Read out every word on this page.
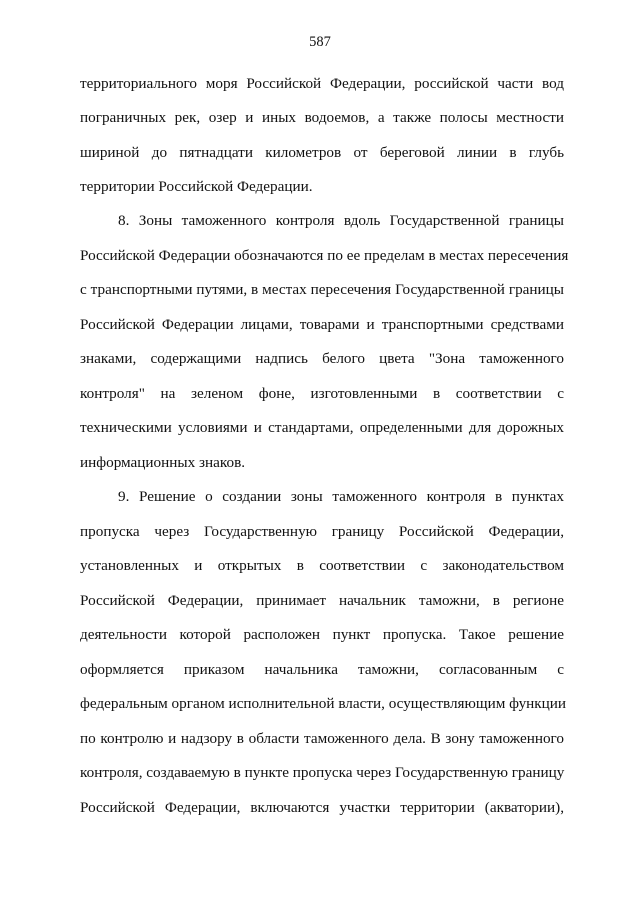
587
территориального моря Российской Федерации, российской части вод
пограничных рек, озер и иных водоемов, а также полосы местности
шириной до пятнадцати километров от береговой линии в глубь
территории Российской Федерации.
8. Зоны таможенного контроля вдоль Государственной границы
Российской Федерации обозначаются по ее пределам в местах пересечения
с транспортными путями, в местах пересечения Государственной границы
Российской Федерации лицами, товарами и транспортными средствами
знаками, содержащими надпись белого цвета "Зона таможенного
контроля" на зеленом фоне, изготовленными в соответствии с
техническими условиями и стандартами, определенными для дорожных
информационных знаков.
9. Решение о создании зоны таможенного контроля в пунктах
пропуска через Государственную границу Российской Федерации,
установленных и открытых в соответствии с законодательством
Российской Федерации, принимает начальник таможни, в регионе
деятельности которой расположен пункт пропуска. Такое решение
оформляется приказом начальника таможни, согласованным с
федеральным органом исполнительной власти, осуществляющим функции
по контролю и надзору в области таможенного дела. В зону таможенного
контроля, создаваемую в пункте пропуска через Государственную границу
Российской Федерации, включаются участки территории (акватории),
